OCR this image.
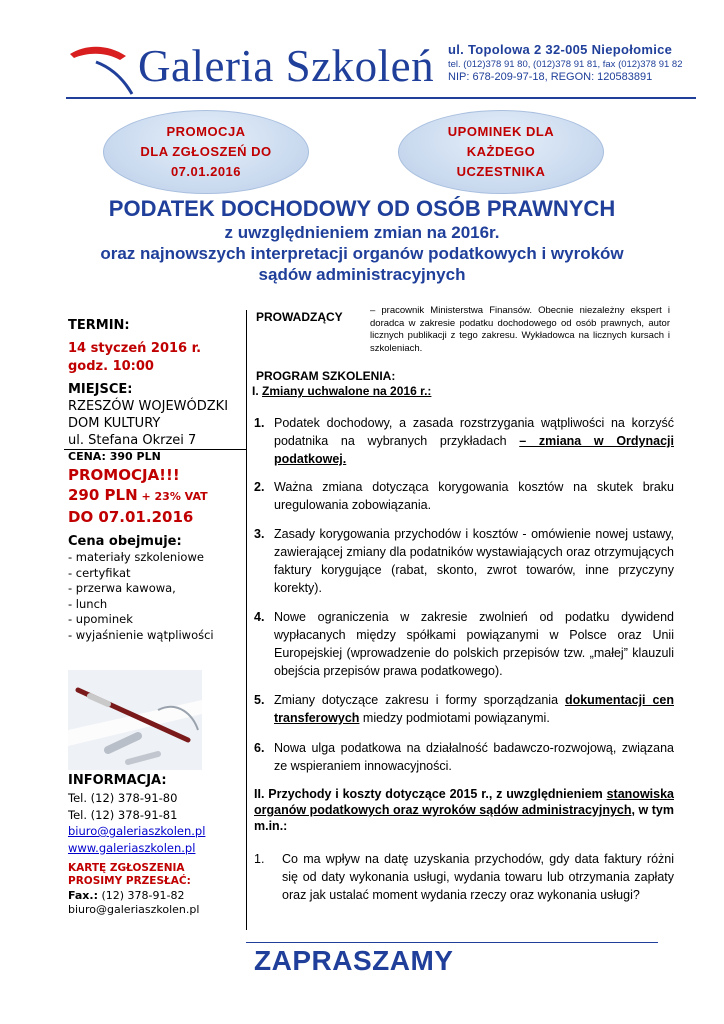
Galeria Szkoleń ul. Topolowa 2 32-005 Niepołomice
tel. (012)378 91 80, (012)378 91 81, fax (012)378 91 82
NIP: 678-209-97-18, REGON: 120583891
PROMOCJA
DLA ZGŁOSZEŃ DO
07.01.2016
UPOMINEK DLA
KAŻDEGO
UCZESTNIKA
PODATEK DOCHODOWY OD OSÓB PRAWNYCH
z uwzględnieniem zmian na 2016r.
oraz najnowszych interpretacji organów podatkowych i wyroków
sądów administracyjnych
TERMIN:
14 styczeń 2016 r.
godz. 10:00
MIEJSCE:
RZESZÓW WOJEWÓDZKI
DOM KULTURY
ul. Stefana Okrzei 7
CENA: 390 PLN
PROMOCJA!!!
290 PLN + 23% VAT
DO 07.01.2016
Cena obejmuje:
- materiały szkoleniowe
- certyfikat
- przerwa kawowa,
- lunch
- upominek
- wyjaśnienie wątpliwości
INFORMACJA:
Tel. (12) 378-91-80
Tel. (12) 378-91-81
biuro@galeriaszkolen.pl
www.galeriaszkolen.pl
KARTĘ ZGŁOSZENIA
PROSIMY PRZESŁAĆ:
Fax.: (12) 378-91-82
biuro@galeriaszkolen.pl
PROWADZĄCY	– pracownik Ministerstwa Finansów. Obecnie niezależny ekspert i doradca w zakresie podatku dochodowego od osób prawnych, autor licznych publikacji z tego zakresu. Wykładowca na licznych kursach i szkoleniach.
PROGRAM SZKOLENIA:
I. Zmiany uchwalone na 2016 r.:
1. Podatek dochodowy, a zasada rozstrzygania wątpliwości na korzyść podatnika na wybranych przykładach – zmiana w Ordynacji podatkowej.
2. Ważna zmiana dotycząca korygowania kosztów na skutek braku uregulowania zobowiązania.
3. Zasady korygowania przychodów i kosztów - omówienie nowej ustawy, zawierającej zmiany dla podatników wystawiających oraz otrzymujących faktury korygujące (rabat, skonto, zwrot towarów, inne przyczyny korekty).
4. Nowe ograniczenia w zakresie zwolnień od podatku dywidend wypłacanych między spółkami powiązanymi w Polsce oraz Unii Europejskiej (wprowadzenie do polskich przepisów tzw. „małej” klauzuli obejścia przepisów prawa podatkowego).
5. Zmiany dotyczące zakresu i formy sporządzania dokumentacji cen transferowych miedzy podmiotami powiązanymi.
6. Nowa ulga podatkowa na działalność badawczo-rozwojową, związana ze wspieraniem innowacyjności.
II. Przychody i koszty dotyczące 2015 r., z uwzględnieniem stanowiska organów podatkowych oraz wyroków sądów administracyjnych, w tym m.in.:
1.	Co ma wpływ na datę uzyskania przychodów, gdy data faktury różni się od daty wykonania usługi, wydania towaru lub otrzymania zapłaty oraz jak ustalać moment wydania rzeczy oraz wykonania usługi?
ZAPRASZAMY
